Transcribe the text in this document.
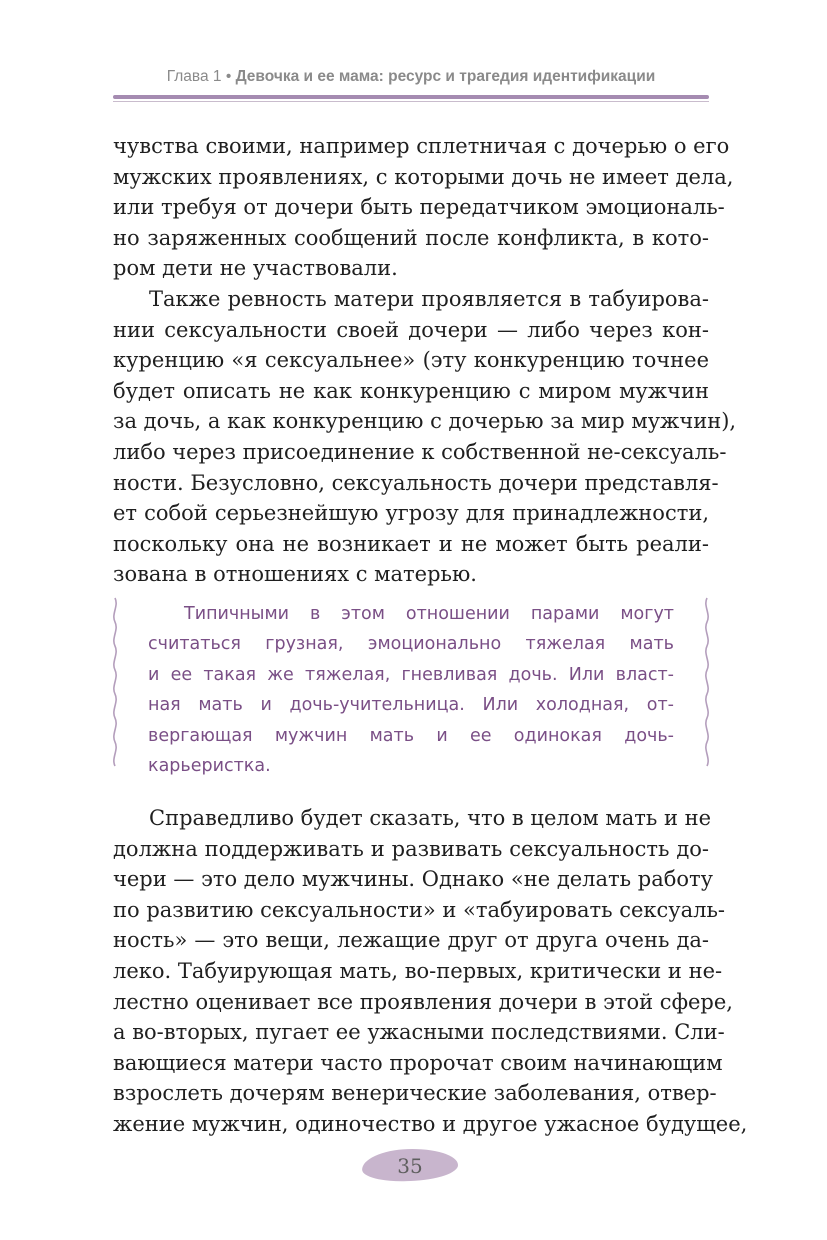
Глава 1 • Девочка и ее мама: ресурс и трагедия идентификации
чувства своими, например сплетничая с дочерью о его
мужских проявлениях, с которыми дочь не имеет дела,
или требуя от дочери быть передатчиком эмоциональ-
но заряженных сообщений после конфликта, в кото-
ром дети не участвовали.
Также ревность матери проявляется в табуирова-
нии сексуальности своей дочери — либо через кон-
куренцию «я сексуальнее» (эту конкуренцию точнее
будет описать не как конкуренцию с миром мужчин
за дочь, а как конкуренцию с дочерью за мир мужчин),
либо через присоединение к собственной не-сексуаль-
ности. Безусловно, сексуальность дочери представля-
ет собой серьезнейшую угрозу для принадлежности,
поскольку она не возникает и не может быть реали-
зована в отношениях с матерью.
Типичными в этом отношении парами могут
считаться грузная, эмоционально тяжелая мать
и ее такая же тяжелая, гневливая дочь. Или власт-
ная мать и дочь-учительница. Или холодная, от-
вергающая мужчин мать и ее одинокая дочь-
карьеристка.
Справедливо будет сказать, что в целом мать и не
должна поддерживать и развивать сексуальность до-
чери — это дело мужчины. Однако «не делать работу
по развитию сексуальности» и «табуировать сексуаль-
ность» — это вещи, лежащие друг от друга очень да-
леко. Табуирующая мать, во-первых, критически и не-
лестно оценивает все проявления дочери в этой сфере,
а во-вторых, пугает ее ужасными последствиями. Сли-
вающиеся матери часто пророчат своим начинающим
взрослеть дочерям венерические заболевания, отвер-
жение мужчин, одиночество и другое ужасное будущее,
35
